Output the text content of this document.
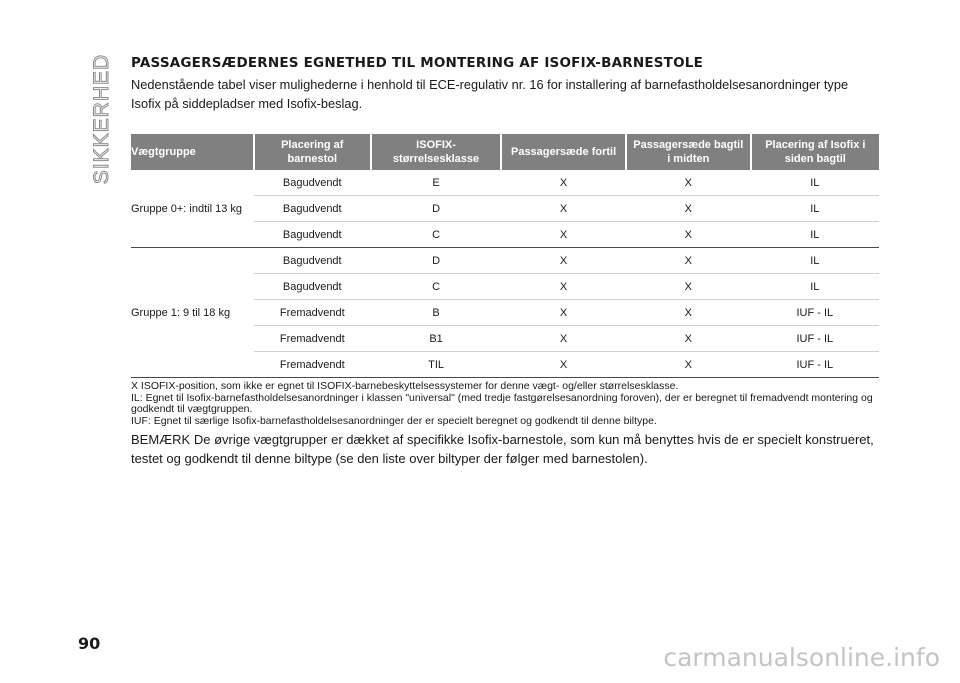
SIKKERHED PASSAGERSÆDERNES EGNETHED TIL MONTERING AF ISOFIX-BARNESTOLE

Nedenstående tabel viser mulighederne i henhold til ECE-regulativ nr. 16 for installering af barnefastholdelsesanordninger type Isofix på siddepladser med Isofix-beslag.

Vægtgruppe	Placering af barnestol	ISOFIX-størrelsesklasse	Passagersæde fortil	Passagersæde bagtil i midten	Placering af Isofix i siden bagtil
Gruppe 0+: indtil 13 kg	Bagudvendt	E	X	X	IL
	Bagudvendt	D	X	X	IL
	Bagudvendt	C	X	X	IL
Gruppe 1: 9 til 18 kg	Bagudvendt	D	X	X	IL
	Bagudvendt	C	X	X	IL
	Fremadvendt	B	X	X	IUF - IL
	Fremadvendt	B1	X	X	IUF - IL
	Fremadvendt	TIL	X	X	IUF - IL

X ISOFIX-position, som ikke er egnet til ISOFIX-barnebeskyttelsessystemer for denne vægt- og/eller størrelsesklasse.

IL: Egnet til Isofix-barnefastholdelsesanordninger i klassen "universal" (med tredje fastgørelsesanordning foroven), der er beregnet til fremadvendt montering og godkendt til vægtgruppen.

IUF: Egnet til særlige Isofix-barnefastholdelsesanordninger der er specielt beregnet og godkendt til denne biltype.

BEMÆRK De øvrige vægtgrupper er dækket af specifikke Isofix-barnestole, som kun må benyttes hvis de er specielt konstrueret, testet og godkendt til denne biltype (se den liste over biltyper der følger med barnestolen).

90	carmanualsonline.info
